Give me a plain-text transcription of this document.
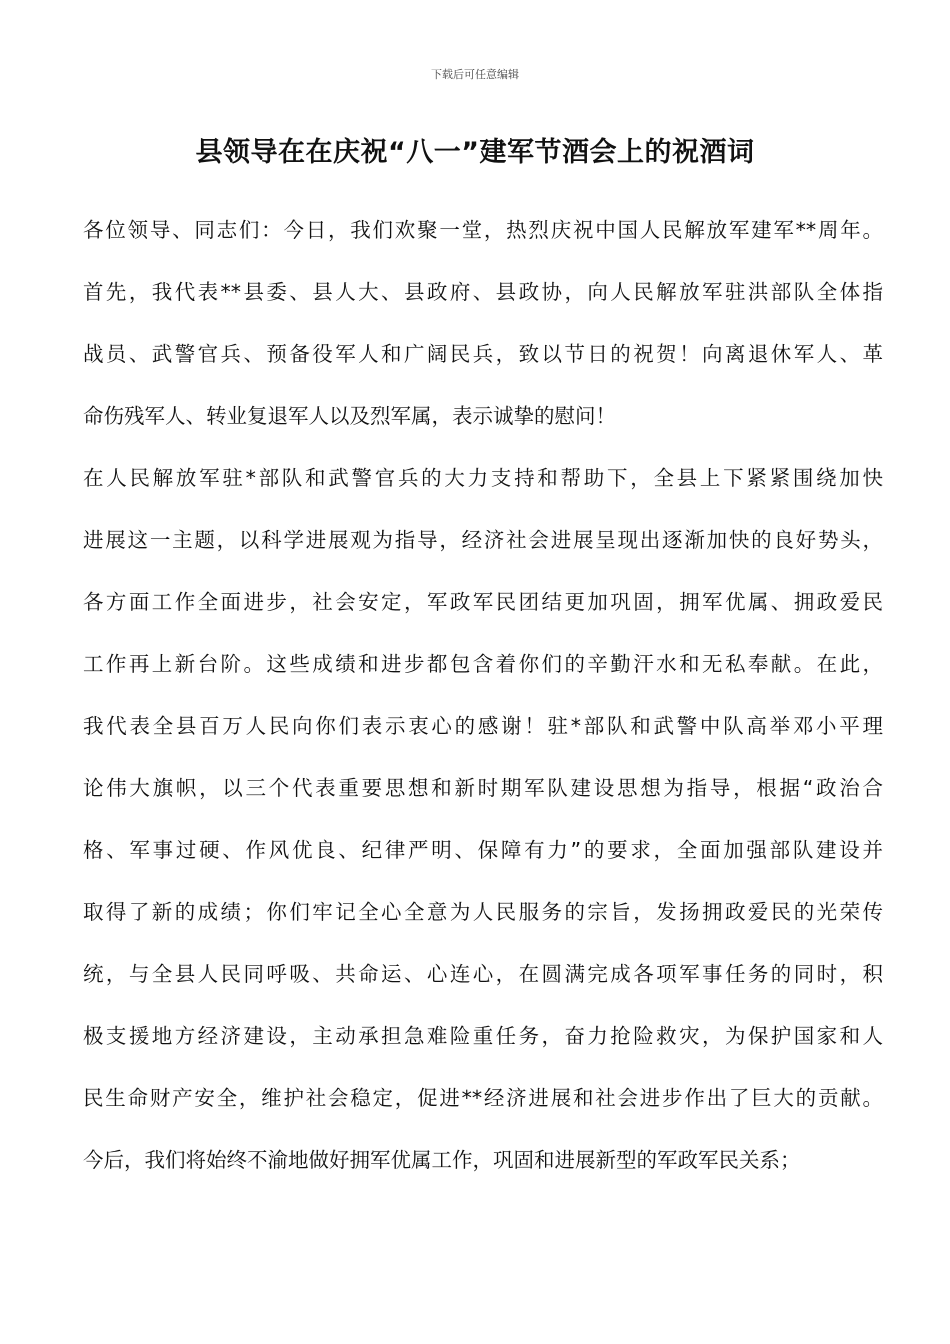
下载后可任意编辑
县领导在在庆祝“八一”建军节酒会上的祝酒词
各位领导、同志们：今日，我们欢聚一堂，热烈庆祝中国人民解放军建军**周年。
首先，我代表**县委、县人大、县政府、县政协，向人民解放军驻洪部队全体指
战员、武警官兵、预备役军人和广阔民兵，致以节日的祝贺！向离退休军人、革
命伤残军人、转业复退军人以及烈军属，表示诚挚的慰问！
在人民解放军驻*部队和武警官兵的大力支持和帮助下，全县上下紧紧围绕加快
进展这一主题，以科学进展观为指导，经济社会进展呈现出逐渐加快的良好势头，
各方面工作全面进步，社会安定，军政军民团结更加巩固，拥军优属、拥政爱民
工作再上新台阶。这些成绩和进步都包含着你们的辛勤汗水和无私奉献。在此，
我代表全县百万人民向你们表示衷心的感谢！驻*部队和武警中队高举邓小平理
论伟大旗帜，以三个代表重要思想和新时期军队建设思想为指导，根据“政治合
格、军事过硬、作风优良、纪律严明、保障有力”的要求，全面加强部队建设并
取得了新的成绩；你们牢记全心全意为人民服务的宗旨，发扬拥政爱民的光荣传
统，与全县人民同呼吸、共命运、心连心，在圆满完成各项军事任务的同时，积
极支援地方经济建设，主动承担急难险重任务，奋力抢险救灾，为保护国家和人
民生命财产安全，维护社会稳定，促进**经济进展和社会进步作出了巨大的贡献。
今后，我们将始终不渝地做好拥军优属工作，巩固和进展新型的军政军民关系；
